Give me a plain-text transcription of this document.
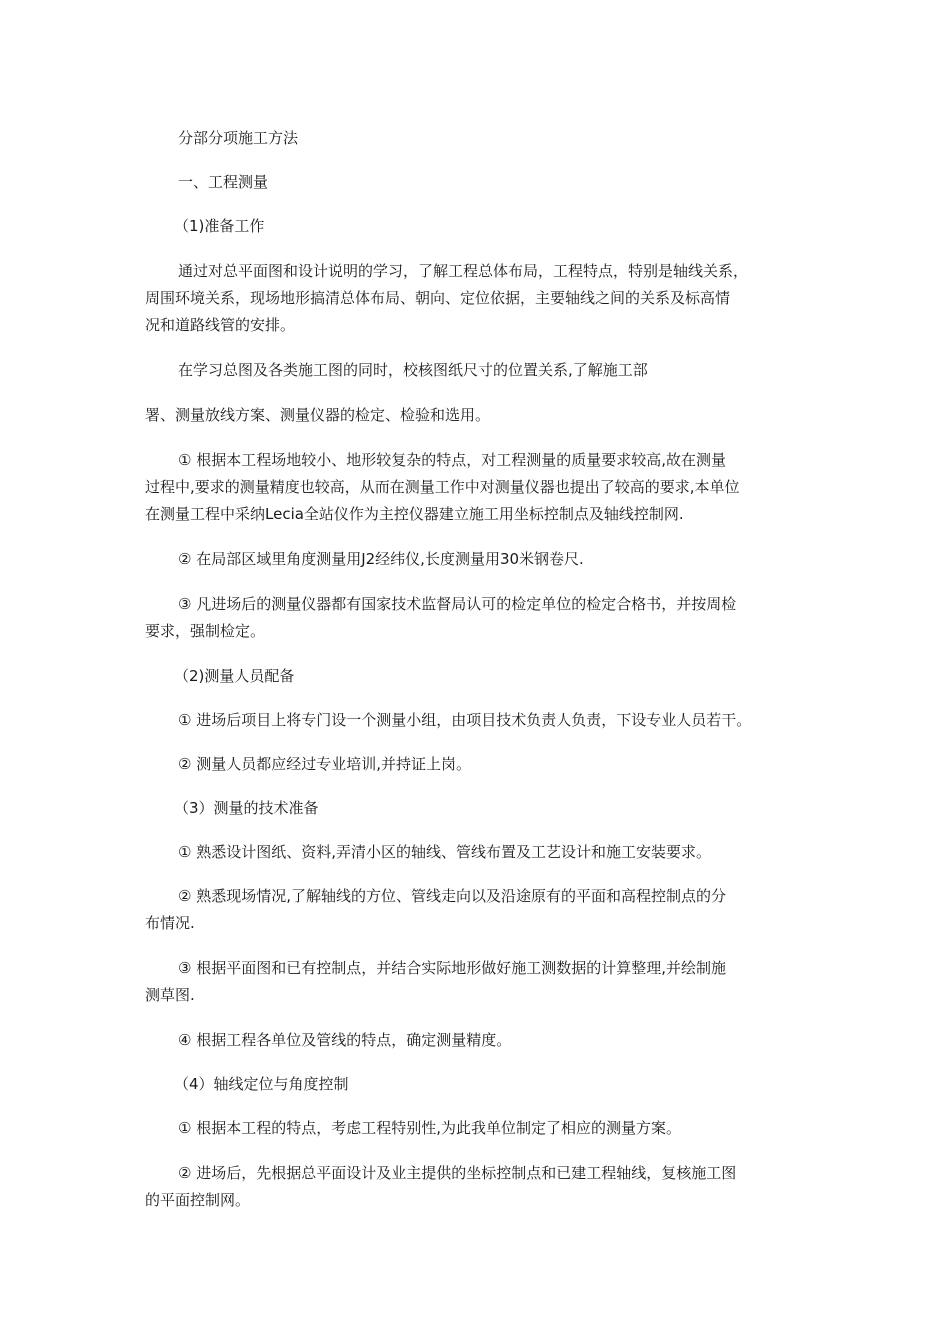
分部分项施工方法
一、工程测量
（1)准备工作
通过对总平面图和设计说明的学习，了解工程总体布局，工程特点，特别是轴线关系，
周围环境关系，现场地形搞清总体布局、朝向、定位依据，主要轴线之间的关系及标高情
况和道路线管的安排。
在学习总图及各类施工图的同时，校核图纸尺寸的位置关系,了解施工部
署、测量放线方案、测量仪器的检定、检验和选用。
① 根据本工程场地较小、地形较复杂的特点，对工程测量的质量要求较高,故在测量
过程中,要求的测量精度也较高，从而在测量工作中对测量仪器也提出了较高的要求,本单位
在测量工程中采纳Lecia全站仪作为主控仪器建立施工用坐标控制点及轴线控制网.
② 在局部区域里角度测量用J2经纬仪,长度测量用30米钢卷尺.
③ 凡进场后的测量仪器都有国家技术监督局认可的检定单位的检定合格书，并按周检
要求，强制检定。
（2)测量人员配备
① 进场后项目上将专门设一个测量小组，由项目技术负责人负责，下设专业人员若干。
② 测量人员都应经过专业培训,并持证上岗。
（3）测量的技术准备
① 熟悉设计图纸、资料,弄清小区的轴线、管线布置及工艺设计和施工安装要求。
② 熟悉现场情况,了解轴线的方位、管线走向以及沿途原有的平面和高程控制点的分
布情况.
③ 根据平面图和已有控制点，并结合实际地形做好施工测数据的计算整理,并绘制施
测草图.
④ 根据工程各单位及管线的特点，确定测量精度。
（4）轴线定位与角度控制
① 根据本工程的特点，考虑工程特别性,为此我单位制定了相应的测量方案。
② 进场后，先根据总平面设计及业主提供的坐标控制点和已建工程轴线，复核施工图
的平面控制网。
